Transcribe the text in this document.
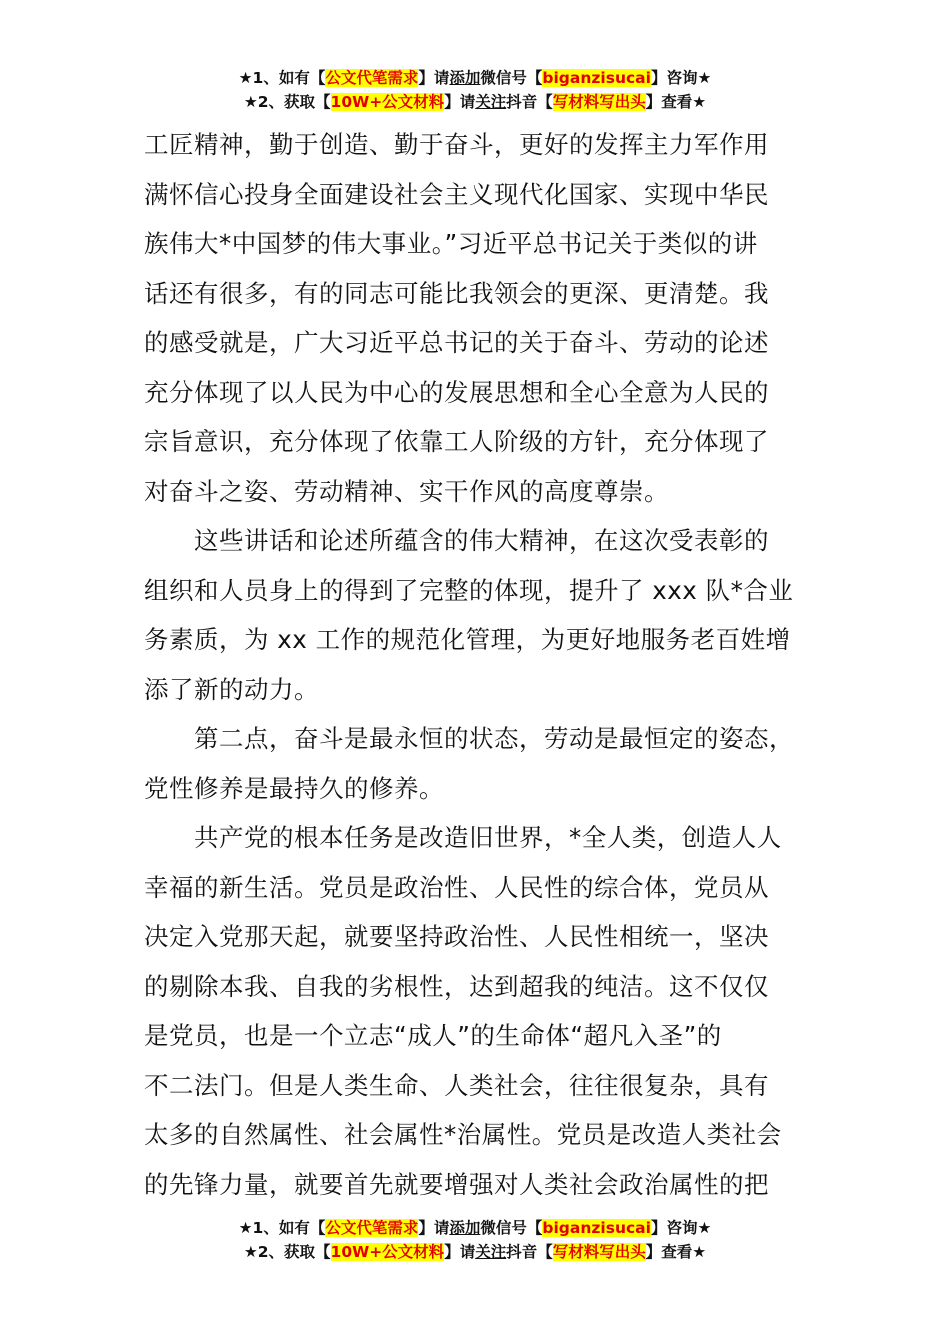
★1、如有【公文代笔需求】请添加微信号【biganzisucai】咨询★
★2、获取【10W+公文材料】请关注抖音【写材料写出头】查看★

工匠精神，勤于创造、勤于奋斗，更好的发挥主力军作用

满怀信心投身全面建设社会主义现代化国家、实现中华民

族伟大*中国梦的伟大事业。”习近平总书记关于类似的讲

话还有很多，有的同志可能比我领会的更深、更清楚。我

的感受就是，广大习近平总书记的关于奋斗、劳动的论述

充分体现了以人民为中心的发展思想和全心全意为人民的

宗旨意识，充分体现了依靠工人阶级的方针，充分体现了

对奋斗之姿、劳动精神、实干作风的高度尊崇。

这些讲话和论述所蕴含的伟大精神，在这次受表彰的

组织和人员身上的得到了完整的体现，提升了 xxx 队*合业

务素质，为 xx 工作的规范化管理，为更好地服务老百姓增

添了新的动力。

第二点，奋斗是最永恒的状态，劳动是最恒定的姿态，

党性修养是最持久的修养。

共产党的根本任务是改造旧世界，*全人类，创造人人

幸福的新生活。党员是政治性、人民性的综合体，党员从

决定入党那天起，就要坚持政治性、人民性相统一，坚决

的剔除本我、自我的劣根性，达到超我的纯洁。这不仅仅

是党员，也是一个立志“成人”的生命体“超凡入圣”的

不二法门。但是人类生命、人类社会，往往很复杂，具有

太多的自然属性、社会属性*治属性。党员是改造人类社会

的先锋力量，就要首先就要增强对人类社会政治属性的把

★1、如有【公文代笔需求】请添加微信号【biganzisucai】咨询★
★2、获取【10W+公文材料】请关注抖音【写材料写出头】查看★
